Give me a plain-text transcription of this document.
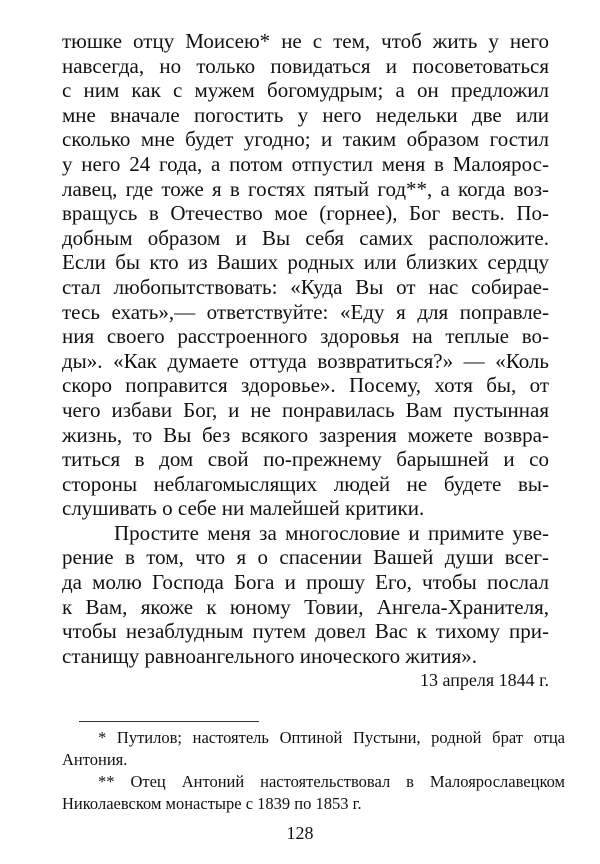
тюшке отцу Моисею* не с тем, чтоб жить у него
навсегда, но только повидаться и посоветоваться
с ним как с мужем богомудрым; а он предложил
мне вначале погостить у него недельки две или
сколько мне будет угодно; и таким образом гостил
у него 24 года, а потом отпустил меня в Малоярос-
лавец, где тоже я в гостях пятый год**, а когда воз-
вращусь в Отечество мое (горнее), Бог весть. По-
добным образом и Вы себя самих расположите.
Если бы кто из Ваших родных или близких сердцу
стал любопытствовать: «Куда Вы от нас собирае-
тесь ехать»,— ответствуйте: «Еду я для поправле-
ния своего расстроенного здоровья на теплые во-
ды». «Как думаете оттуда возвратиться?» — «Коль
скоро поправится здоровье». Посему, хотя бы, от
чего избави Бог, и не понравилась Вам пустынная
жизнь, то Вы без всякого зазрения можете возвра-
титься в дом свой по-прежнему барышней и со
стороны неблагомыслящих людей не будете вы-
слушивать о себе ни малейшей критики.
Простите меня за многословие и примите уве-
рение в том, что я о спасении Вашей души всег-
да молю Господа Бога и прошу Его, чтобы послал
к Вам, якоже к юному Товии, Ангела-Хранителя,
чтобы незаблудным путем довел Вас к тихому при-
станищу равноангельного иноческого жития».
13 апреля 1844 г.
* Путилов; настоятель Оптиной Пустыни, родной брат отца
Антония.
** Отец Антоний настоятельствовал в Малоярославецком
Николаевском монастыре с 1839 по 1853 г.
128
